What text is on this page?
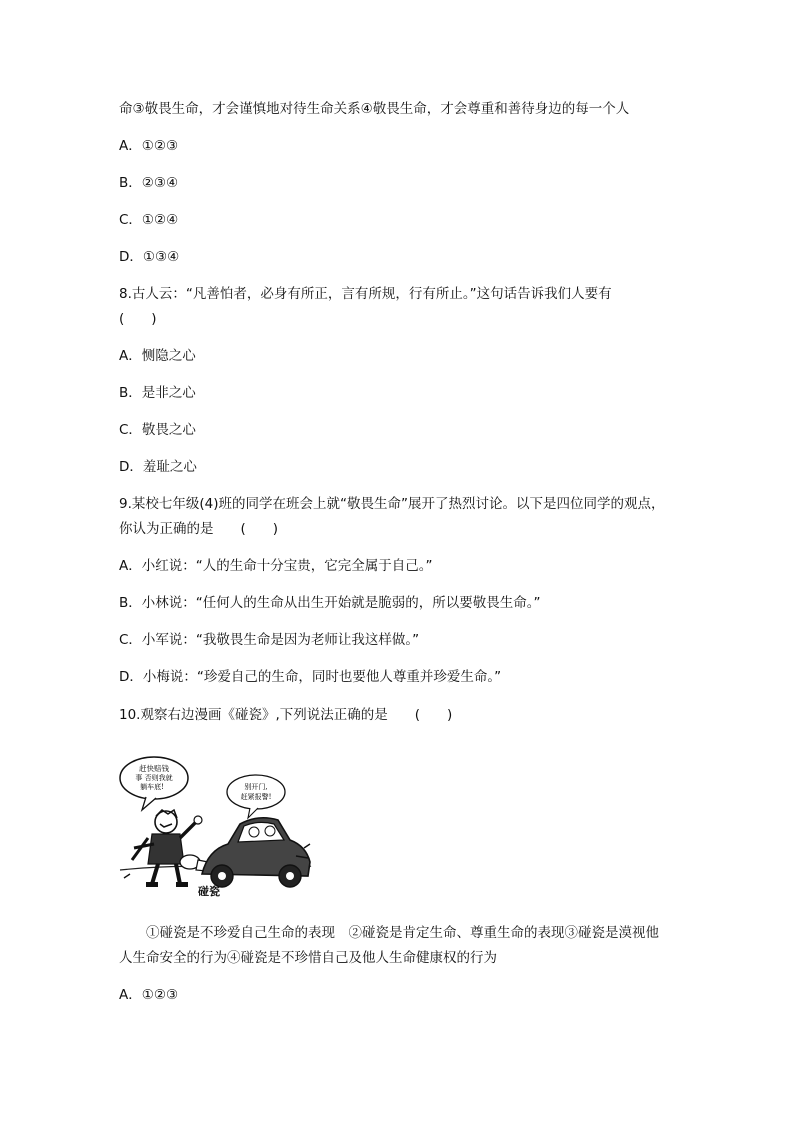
命③敬畏生命，才会谨慎地对待生命关系④敬畏生命，才会尊重和善待身边的每一个人
A．①②③
B．②③④
C．①②④
D．①③④
8.古人云：“凡善怕者，必身有所正，言有所规，行有所止。”这句话告诉我们人要有
(　　)
A．恻隐之心
B．是非之心
C．敬畏之心
D．羞耻之心
9.某校七年级(4)班的同学在班会上就“敬畏生命”展开了热烈讨论。以下是四位同学的观点，
你认为正确的是　　(　　)
A．小红说：“人的生命十分宝贵，它完全属于自己。”
B．小林说：“任何人的生命从出生开始就是脆弱的，所以要敬畏生命。”
C．小军说：“我敬畏生命是因为老师让我这样做。”
D．小梅说：“珍爱自己的生命，同时也要他人尊重并珍爱生命。”
10.观察右边漫画《碰瓷》,下列说法正确的是　　(　　)
赶快赔钱
事 否则我就
躺车底!	别开门,
赶紧报警!
碰瓷
　　①碰瓷是不珍爱自己生命的表现　②碰瓷是肯定生命、尊重生命的表现③碰瓷是漠视他
人生命安全的行为④碰瓷是不珍惜自己及他人生命健康权的行为
A．①②③
